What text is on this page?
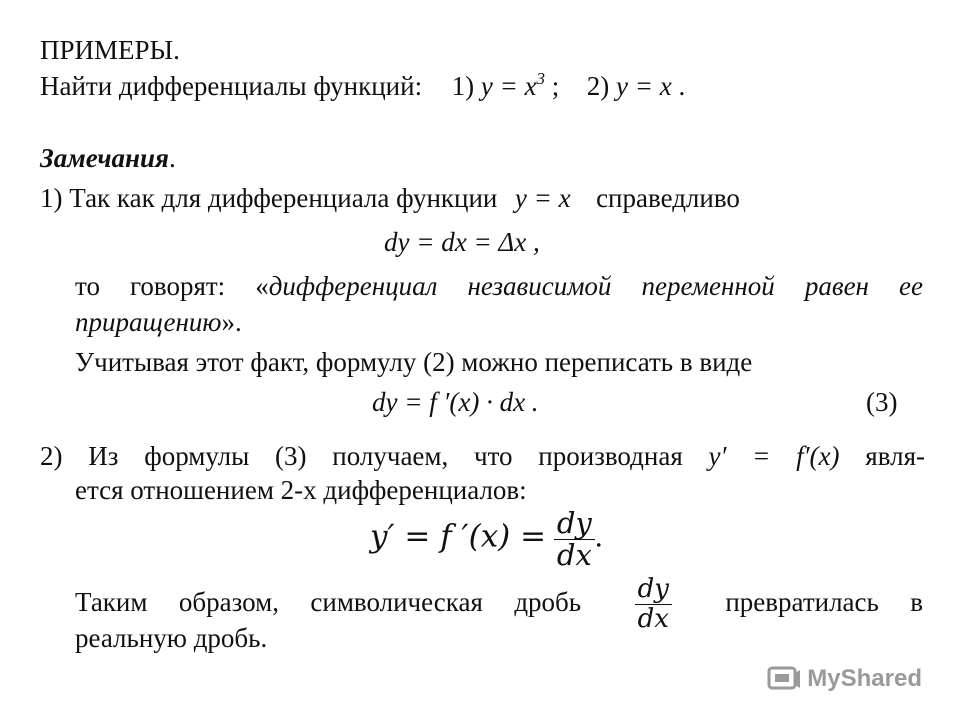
ПРИМЕРЫ.
Найти дифференциалы функций: 1) $y = x^3$ ; 2) y = x .
Замечания.
1) Так как для дифференциала функции y = x справедливо
dy = dx = Δx ,
то говорят: «дифференциал независимой переменной равен ее
приращению».
Учитывая этот факт, формулу (2) можно переписать в виде
dy = f ′(x) · dx .	(3)
2) Из формулы (3) получаем, что производная y′ = f′(x) явля-
ется отношением 2-х дифференциалов:
y′ = f $'(x) = \frac{dy}{dx}$ .
Таким образом, символическая дробь $\frac{dy}{dx}$ превратилась в
реальную дробь.
MyShared
